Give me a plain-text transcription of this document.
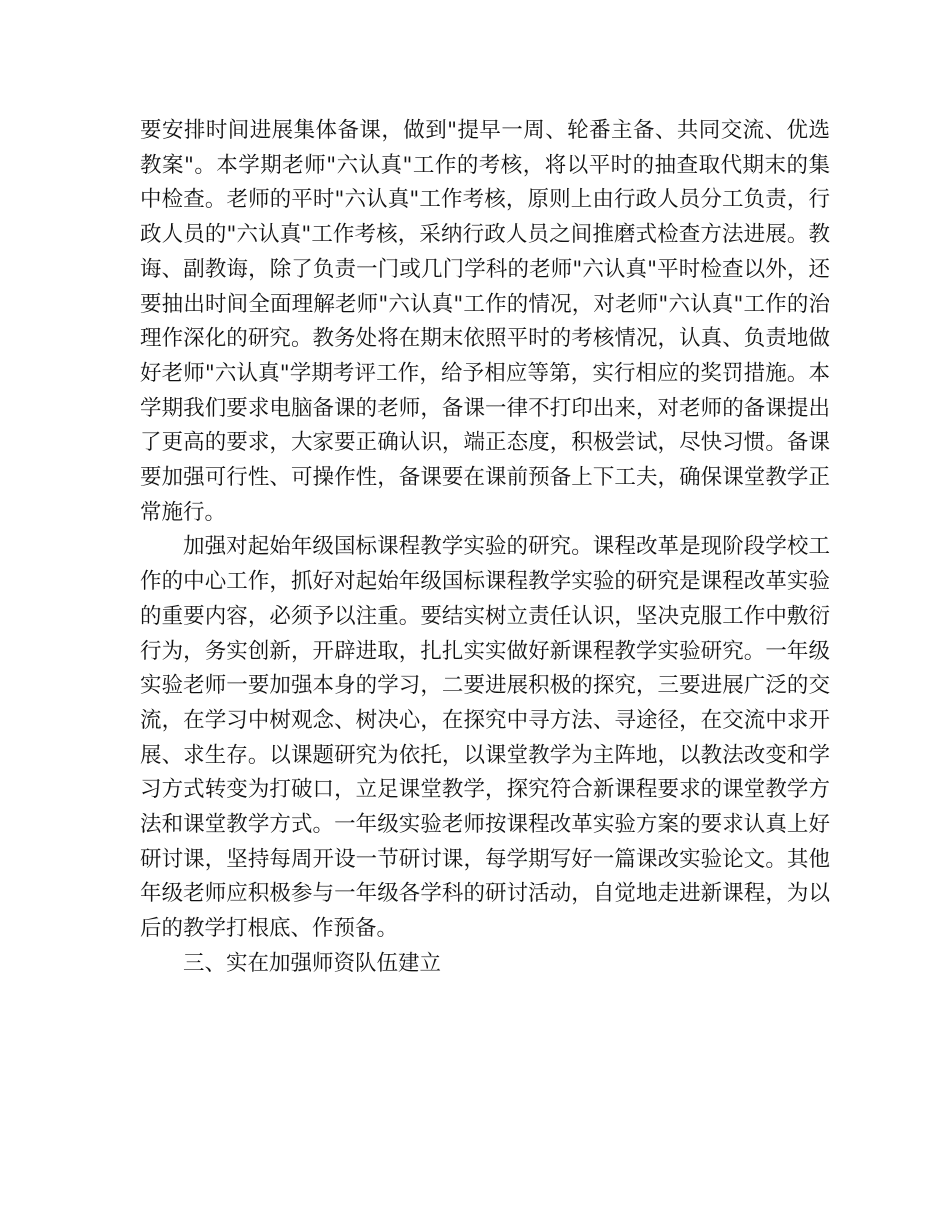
要安排时间进展集体备课，做到"提早一周、轮番主备、共同交流、优选教案"。本学期老师"六认真"工作的考核，将以平时的抽查取代期末的集中检查。老师的平时"六认真"工作考核，原则上由行政人员分工负责，行政人员的"六认真"工作考核，采纳行政人员之间推磨式检查方法进展。教诲、副教诲，除了负责一门或几门学科的老师"六认真"平时检查以外，还要抽出时间全面理解老师"六认真"工作的情况，对老师"六认真"工作的治理作深化的研究。教务处将在期末依照平时的考核情况，认真、负责地做好老师"六认真"学期考评工作，给予相应等第，实行相应的奖罚措施。本学期我们要求电脑备课的老师，备课一律不打印出来，对老师的备课提出了更高的要求，大家要正确认识，端正态度，积极尝试，尽快习惯。备课要加强可行性、可操作性，备课要在课前预备上下工夫，确保课堂教学正常施行。

加强对起始年级国标课程教学实验的研究。课程改革是现阶段学校工作的中心工作，抓好对起始年级国标课程教学实验的研究是课程改革实验的重要内容，必须予以注重。要结实树立责任认识，坚决克服工作中敷衍行为，务实创新，开辟进取，扎扎实实做好新课程教学实验研究。一年级实验老师一要加强本身的学习，二要进展积极的探究，三要进展广泛的交流，在学习中树观念、树决心，在探究中寻方法、寻途径，在交流中求开展、求生存。以课题研究为依托，以课堂教学为主阵地，以教法改变和学习方式转变为打破口，立足课堂教学，探究符合新课程要求的课堂教学方法和课堂教学方式。一年级实验老师按课程改革实验方案的要求认真上好研讨课，坚持每周开设一节研讨课，每学期写好一篇课改实验论文。其他年级老师应积极参与一年级各学科的研讨活动，自觉地走进新课程，为以后的教学打根底、作预备。

三、实在加强师资队伍建立
